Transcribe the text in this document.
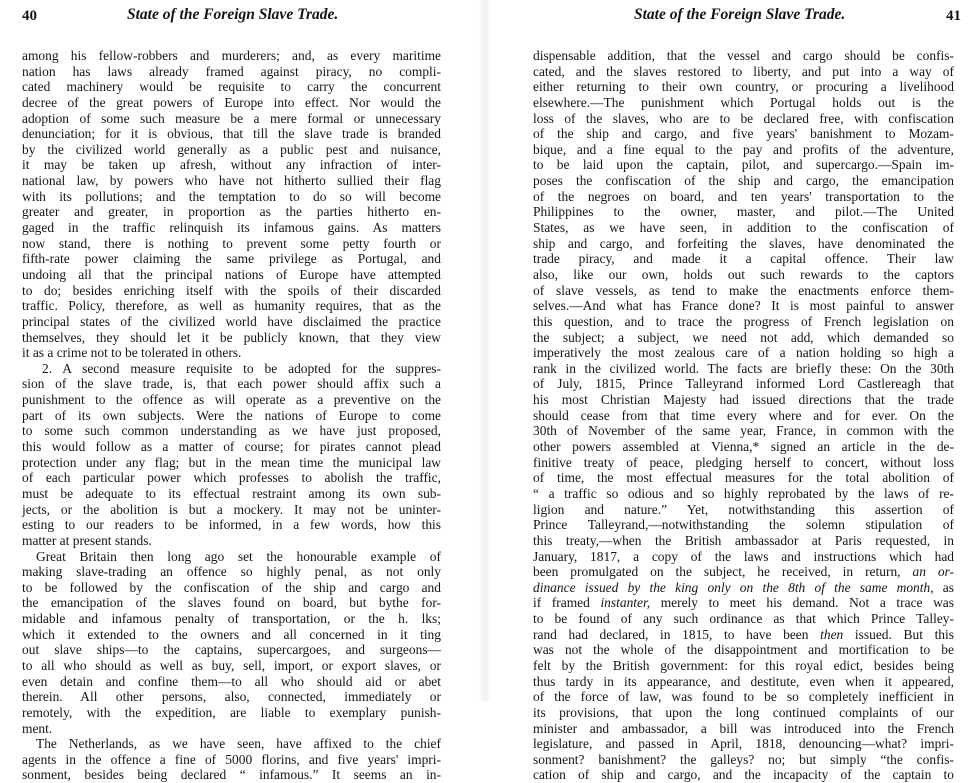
40	State of the Foreign Slave Trade.
among his fellow-robbers and murderers; and, as every maritime
nation has laws already framed against piracy, no compli-
cated machinery would be requisite to carry the concurrent
decree of the great powers of Europe into effect. Nor would the
adoption of some such measure be a mere formal or unnecessary
denunciation; for it is obvious, that till the slave trade is branded
by the civilized world generally as a public pest and nuisance,
it may be taken up afresh, without any infraction of inter-
national law, by powers who have not hitherto sullied their flag
with its pollutions; and the temptation to do so will become
greater and greater, in proportion as the parties hitherto en-
gaged in the traffic relinquish its infamous gains. As matters
now stand, there is nothing to prevent some petty fourth or
fifth-rate power claiming the same privilege as Portugal, and
undoing all that the principal nations of Europe have attempted
to do; besides enriching itself with the spoils of their discarded
traffic. Policy, therefore, as well as humanity requires, that as the
principal states of the civilized world have disclaimed the practice
themselves, they should let it be publicly known, that they view
it as a crime not to be tolerated in others.
2. A second measure requisite to be adopted for the suppres-
sion of the slave trade, is, that each power should affix such a
punishment to the offence as will operate as a preventive on the
part of its own subjects. Were the nations of Europe to come
to some such common understanding as we have just proposed,
this would follow as a matter of course; for pirates cannot plead
protection under any flag; but in the mean time the municipal law
of each particular power which professes to abolish the traffic,
must be adequate to its effectual restraint among its own sub-
jects, or the abolition is but a mockery. It may not be uninter-
esting to our readers to be informed, in a few words, how this
matter at present stands.
Great Britain then long ago set the honourable example of
making slave-trading an offence so highly penal, as not only
to be followed by the confiscation of the ship and cargo and
the emancipation of the slaves found on board, but bythe for-
midable and infamous penalty of transportation, or the h. lks;
which it extended to the owners and all concerned in it ting
out slave ships—to the captains, supercargoes, and surgeons—
to all who should as well as buy, sell, import, or export slaves, or
even detain and confine them—to all who should aid or abet
therein. All other persons, also, connected, immediately or
remotely, with the expedition, are liable to exemplary punish-
ment.
The Netherlands, as we have seen, have affixed to the chief
agents in the offence a fine of 5000 florins, and five years' impri-
sonment, besides being declared “ infamous.” It seems an in-
State of the Foreign Slave Trade.	41
dispensable addition, that the vessel and cargo should be confis-
cated, and the slaves restored to liberty, and put into a way of
either returning to their own country, or procuring a livelihood
elsewhere.—The punishment which Portugal holds out is the
loss of the slaves, who are to be declared free, with confiscation
of the ship and cargo, and five years' banishment to Mozam-
bique, and a fine equal to the pay and profits of the adventure,
to be laid upon the captain, pilot, and supercargo.—Spain im-
poses the confiscation of the ship and cargo, the emancipation
of the negroes on board, and ten years' transportation to the
Philippines to the owner, master, and pilot.—The United
States, as we have seen, in addition to the confiscation of
ship and cargo, and forfeiting the slaves, have denominated the
trade piracy, and made it a capital offence. Their law
also, like our own, holds out such rewards to the captors
of slave vessels, as tend to make the enactments enforce them-
selves.—And what has France done? It is most painful to answer
this question, and to trace the progress of French legislation on
the subject; a subject, we need not add, which demanded so
imperatively the most zealous care of a nation holding so high a
rank in the civilized world. The facts are briefly these: On the 30th
of July, 1815, Prince Talleyrand informed Lord Castlereagh that
his most Christian Majesty had issued directions that the trade
should cease from that time every where and for ever. On the
30th of November of the same year, France, in common with the
other powers assembled at Vienna,* signed an article in the de-
finitive treaty of peace, pledging herself to concert, without loss
of time, the most effectual measures for the total abolition of
“ a traffic so odious and so highly reprobated by the laws of re-
ligion and nature.” Yet, notwithstanding this assertion of
Prince Talleyrand,—notwithstanding the solemn stipulation of
this treaty,—when the British ambassador at Paris requested, in
January, 1817, a copy of the laws and instructions which had
been promulgated on the subject, he received, in return, an or-
dinance issued by the king only on the 8th of the same month, as
if framed instanter, merely to meet his demand. Not a trace was
to be found of any such ordinance as that which Prince Talley-
rand had declared, in 1815, to have been then issued. But this
was not the whole of the disappointment and mortification to be
felt by the British government: for this royal edict, besides being
thus tardy in its appearance, and destitute, even when it appeared,
of the force of law, was found to be so completely inefficient in
its provisions, that upon the long continued complaints of our
minister and ambassador, a bill was introduced into the French
legislature, and passed in April, 1818, denouncing—what? impri-
sonment? banishment? the galleys? no; but simply “the confis-
cation of ship and cargo, and the incapacity of the captain to
